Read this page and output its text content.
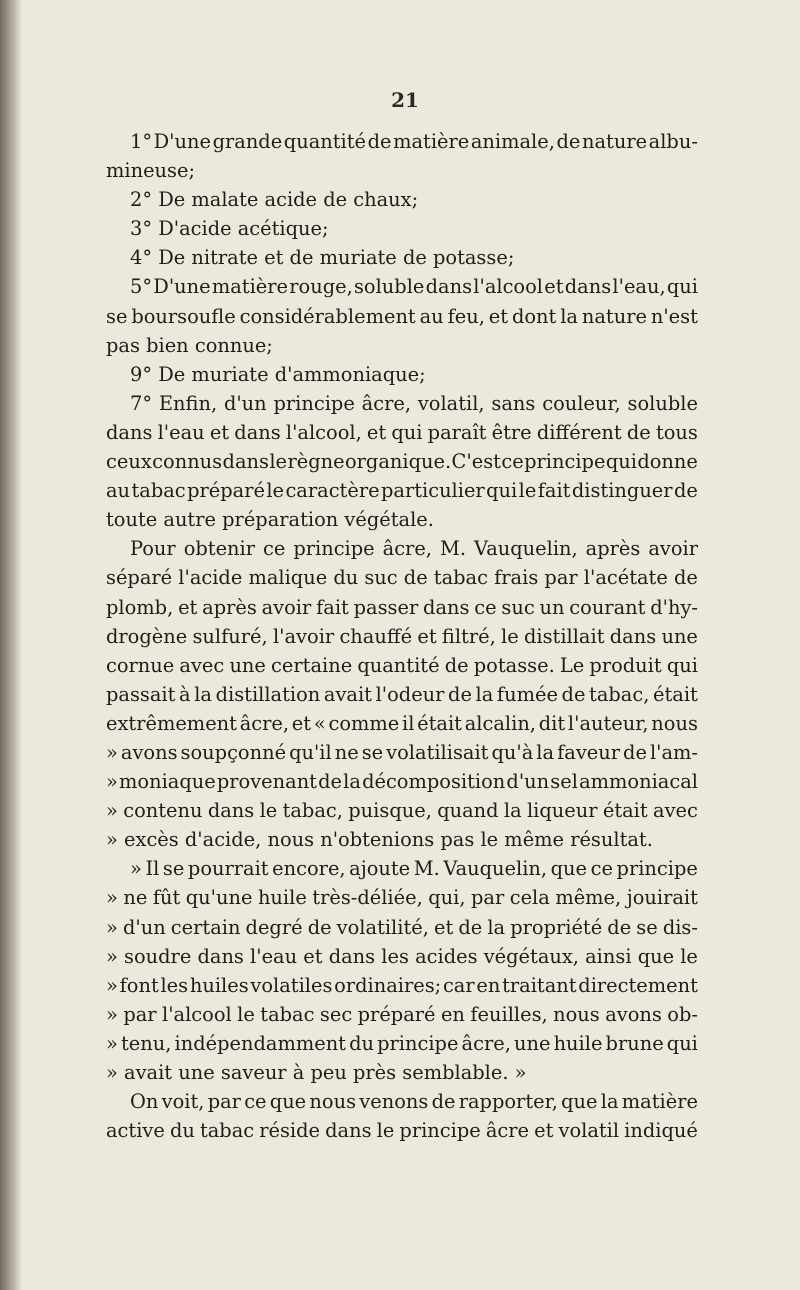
21
1° D'une grande quantité de matière animale, de nature albu-
mineuse;
2° De malate acide de chaux;
3° D'acide acétique;
4° De nitrate et de muriate de potasse;
5° D'une matière rouge, soluble dans l'alcool et dans l'eau, qui
se boursoufle considérablement au feu, et dont la nature n'est
pas bien connue;
9° De muriate d'ammoniaque;
7° Enfin, d'un principe âcre, volatil, sans couleur, soluble
dans l'eau et dans l'alcool, et qui paraît être différent de tous
ceux connus dans le règne organique. C'est ce principe qui donne
au tabac préparé le caractère particulier qui le fait distinguer de
toute autre préparation végétale.
Pour obtenir ce principe âcre, M. Vauquelin, après avoir
séparé l'acide malique du suc de tabac frais par l'acétate de
plomb, et après avoir fait passer dans ce suc un courant d'hy-
drogène sulfuré, l'avoir chauffé et filtré, le distillait dans une
cornue avec une certaine quantité de potasse. Le produit qui
passait à la distillation avait l'odeur de la fumée de tabac, était
extrêmement âcre, et « comme il était alcalin, dit l'auteur, nous
» avons soupçonné qu'il ne se volatilisait qu'à la faveur de l'am-
» moniaque provenant de la décomposition d'un sel ammoniacal
» contenu dans le tabac, puisque, quand la liqueur était avec
» excès d'acide, nous n'obtenions pas le même résultat.
» Il se pourrait encore, ajoute M. Vauquelin, que ce principe
» ne fût qu'une huile très-déliée, qui, par cela même, jouirait
» d'un certain degré de volatilité, et de la propriété de se dis-
» soudre dans l'eau et dans les acides végétaux, ainsi que le
» font les huiles volatiles ordinaires; car en traitant directement
» par l'alcool le tabac sec préparé en feuilles, nous avons ob-
» tenu, indépendamment du principe âcre, une huile brune qui
» avait une saveur à peu près semblable. »
On voit, par ce que nous venons de rapporter, que la matière
active du tabac réside dans le principe âcre et volatil indiqué
